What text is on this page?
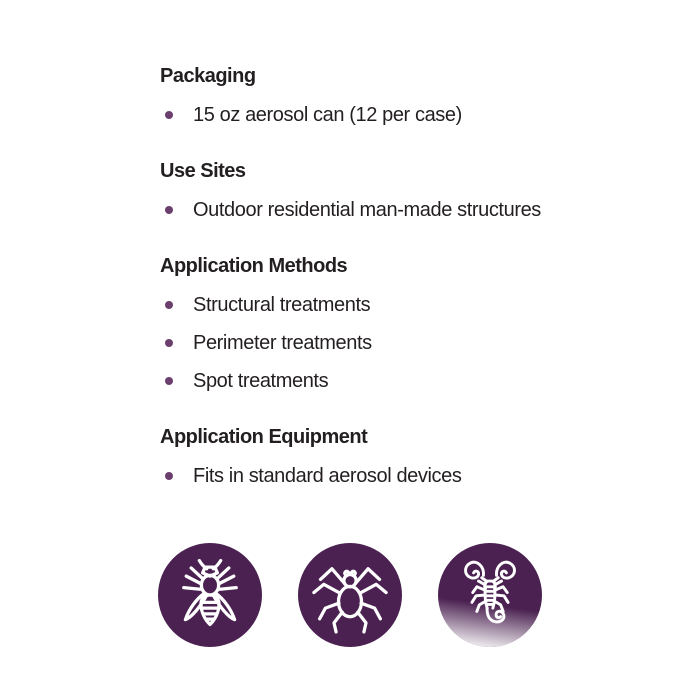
Packaging
15 oz aerosol can (12 per case)
Use Sites
Outdoor residential man-made structures
Application Methods
Structural treatments
Perimeter treatments
Spot treatments
Application Equipment
Fits in standard aerosol devices
